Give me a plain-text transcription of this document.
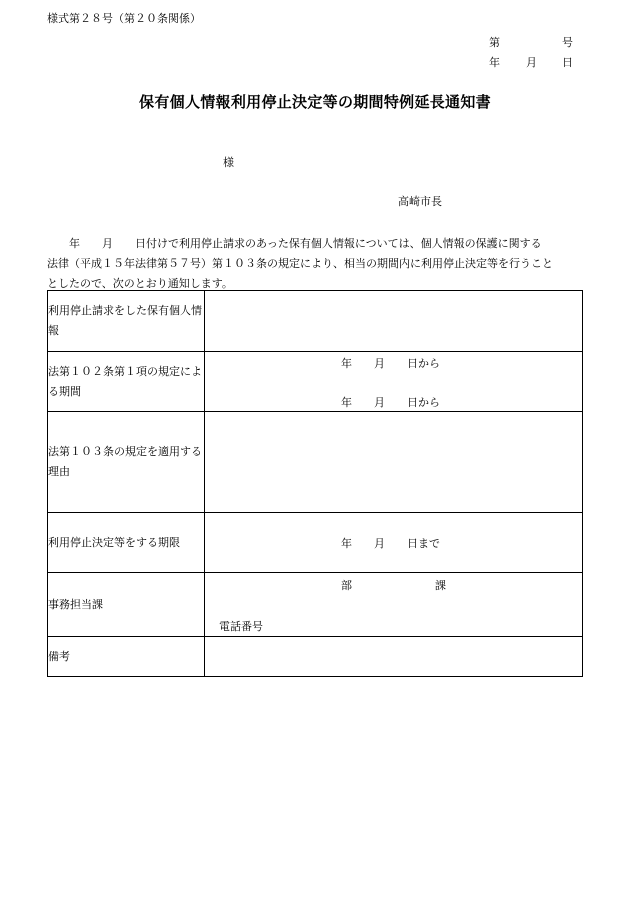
様式第２８号（第２０条関係）
第	号
年 月 日
保有個人情報利用停止決定等の期間特例延長通知書
様
高崎市長
　　年　　月　　日付けで利用停止請求のあった保有個人情報については、個人情報の保護に関する
法律（平成１５年法律第５７号）第１０３条の規定により、相当の期間内に利用停止決定等を行うこと
としたので、次のとおり通知します。
利用停止請求をした保有個人情報	
法第１０２条第１項の規定による期間	年　　月　　日から
年　　月　　日から

法第１０３条の規定を適用する理由	
利用停止決定等をする期限	年　　月　　日まで

事務担当課	部 課
電話番号

備考	
